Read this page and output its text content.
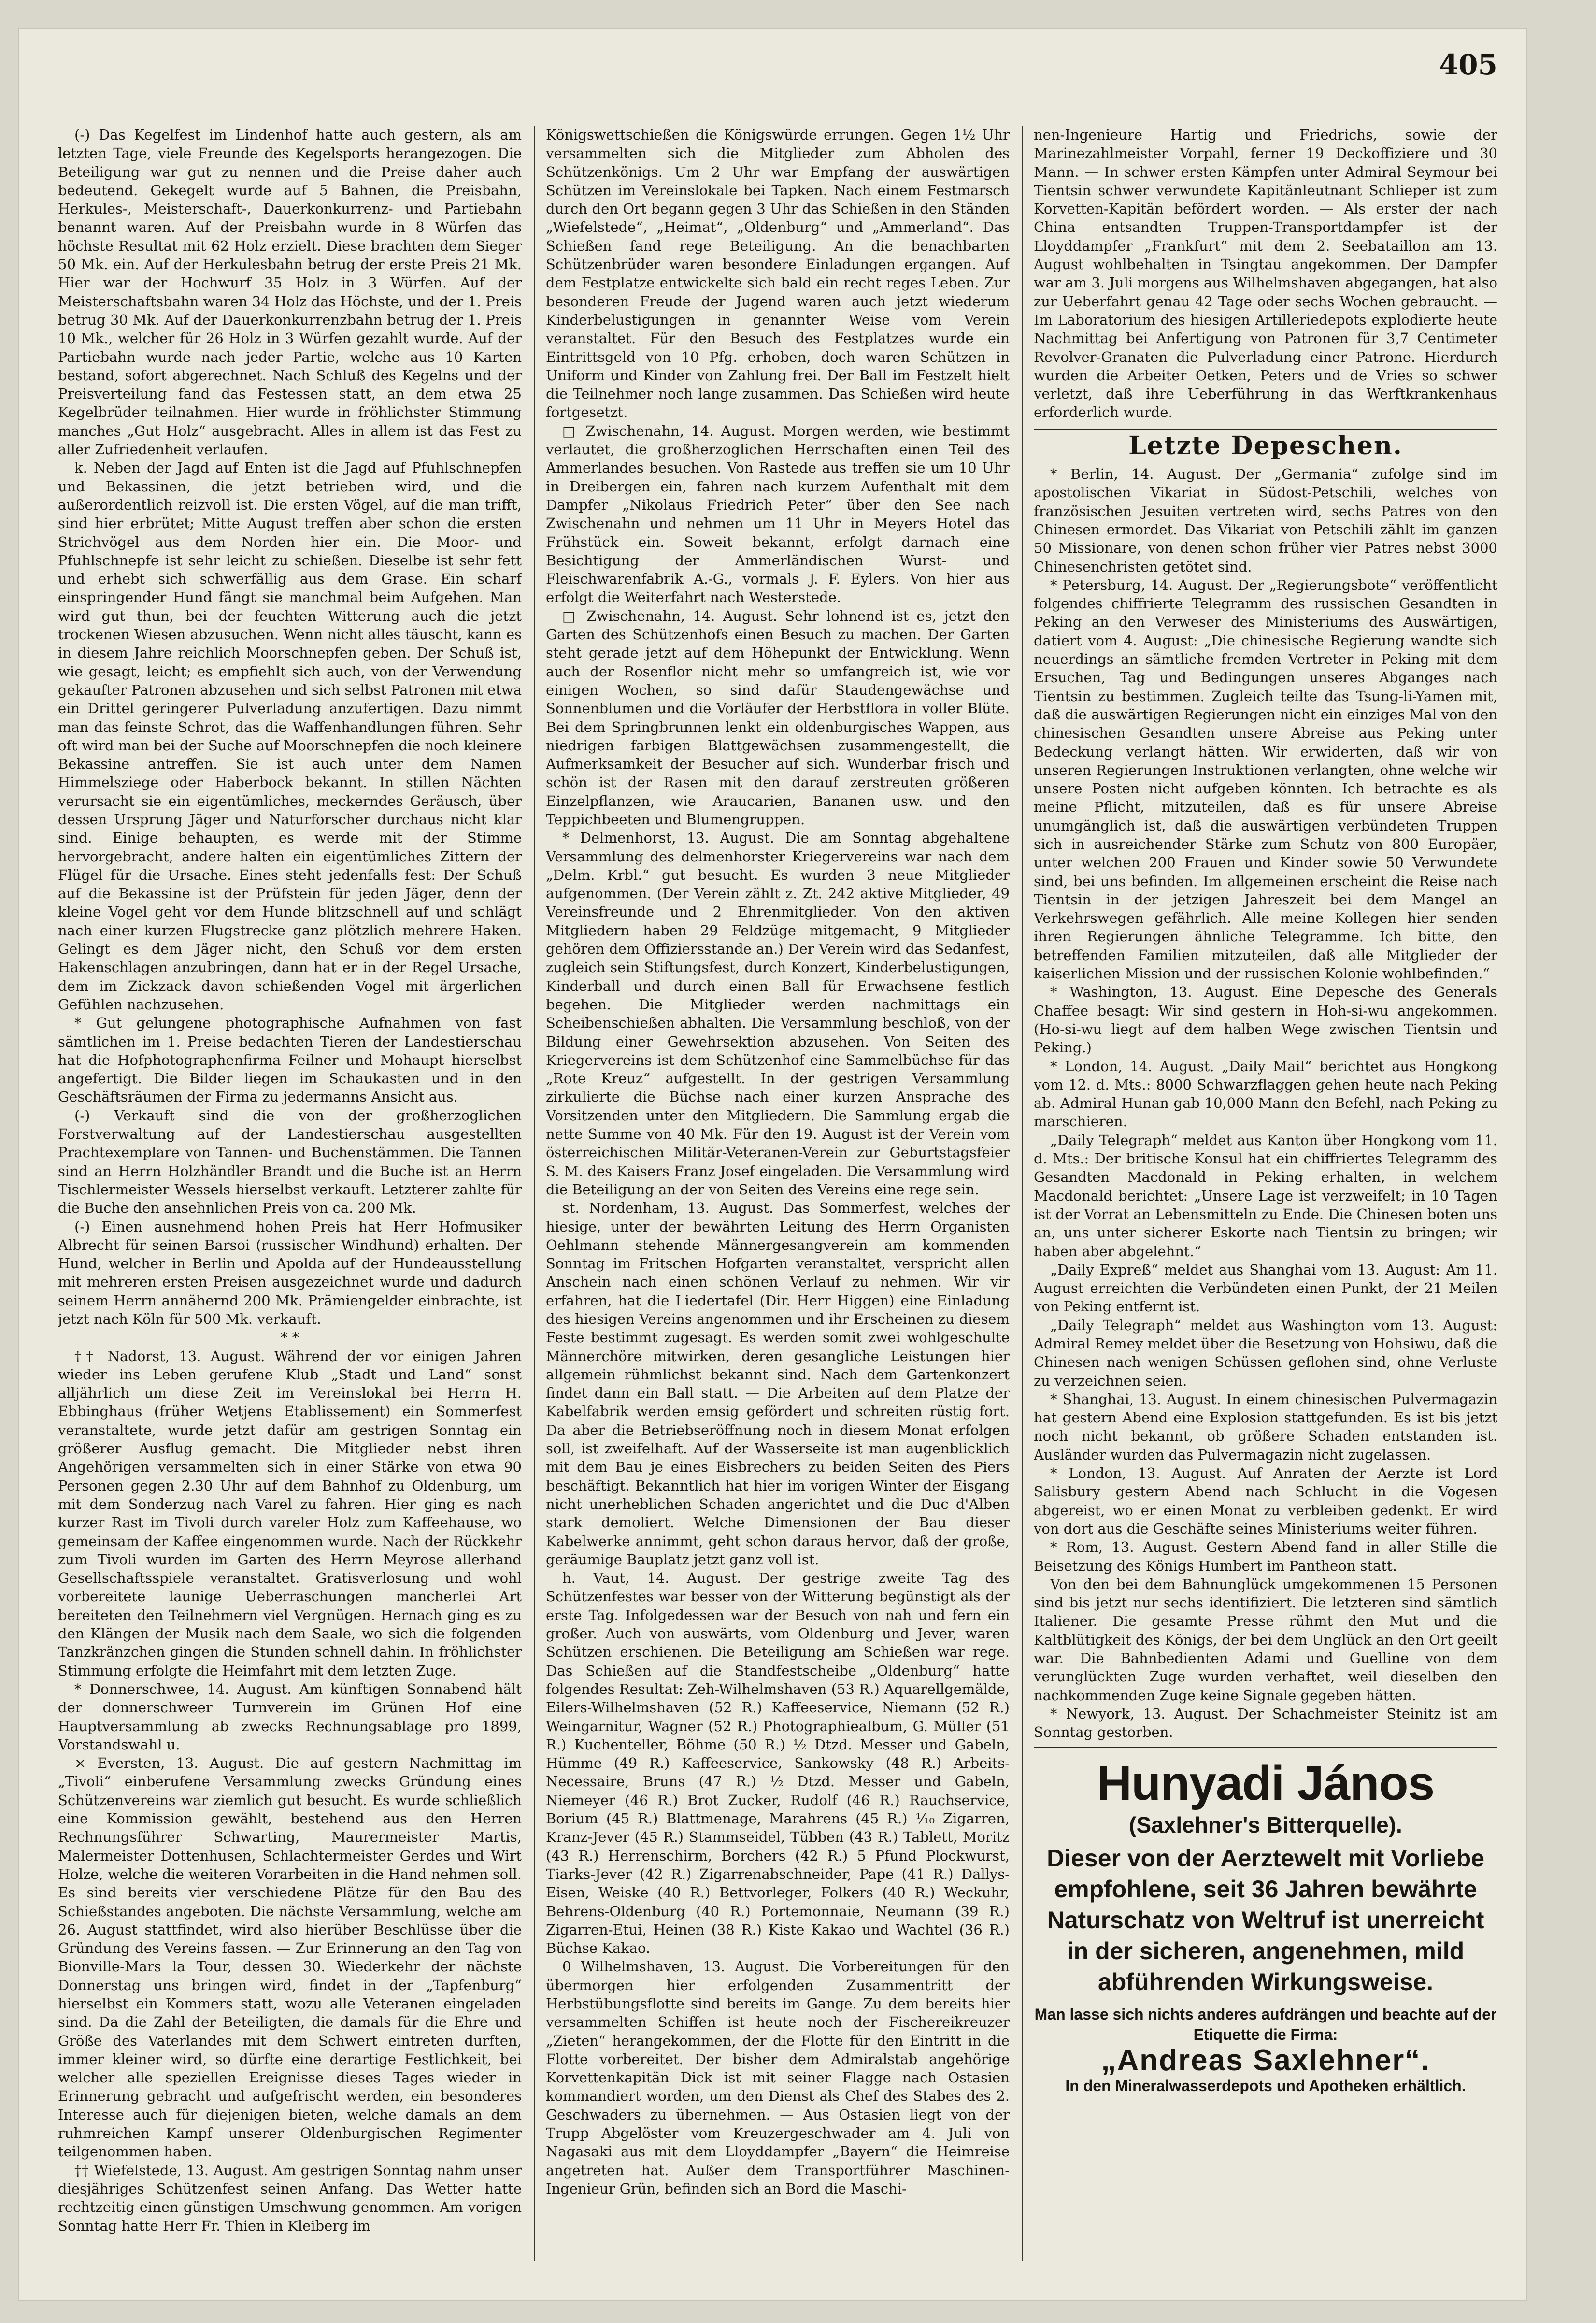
405

(-) Das Kegelfest im Lindenhof hatte auch gestern, als am letzten Tage, viele Freunde des Kegelsports herangezogen. Die Beteiligung war gut zu nennen und die Preise daher auch bedeutend. Gekegelt wurde auf 5 Bahnen, die Preisbahn, Herkules-, Meisterschaft-, Dauerkonkurrenz- und Partiebahn benannt waren. Auf der Preisbahn wurde in 8 Würfen das höchste Resultat mit 62 Holz erzielt. Diese brachten dem Sieger 50 Mk. ein. Auf der Herkulesbahn betrug der erste Preis 21 Mk. Hier war der Hochwurf 35 Holz in 3 Würfen. Auf der Meisterschaftsbahn waren 34 Holz das Höchste, und der 1. Preis betrug 30 Mk. Auf der Dauerkonkurrenzbahn betrug der 1. Preis 10 Mk., welcher für 26 Holz in 3 Würfen gezahlt wurde. Auf der Partiebahn wurde nach jeder Partie, welche aus 10 Karten bestand, sofort abgerechnet. Nach Schluß des Kegelns und der Preisverteilung fand das Festessen statt, an dem etwa 25 Kegelbrüder teilnahmen. Hier wurde in fröhlichster Stimmung manches „Gut Holz“ ausgebracht. Alles in allem ist das Fest zu aller Zufriedenheit verlaufen.

k. Neben der Jagd auf Enten ist die Jagd auf Pfuhlschnepfen und Bekassinen, die jetzt betrieben wird, und die außerordentlich reizvoll ist. Die ersten Vögel, auf die man trifft, sind hier erbrütet; Mitte August treffen aber schon die ersten Strichvögel aus dem Norden hier ein. Die Moor- und Pfuhlschnepfe ist sehr leicht zu schießen. Dieselbe ist sehr fett und erhebt sich schwerfällig aus dem Grase. Ein scharf einspringender Hund fängt sie manchmal beim Aufgehen. Man wird gut thun, bei der feuchten Witterung auch die jetzt trockenen Wiesen abzusuchen. Wenn nicht alles täuscht, kann es in diesem Jahre reichlich Moorschnepfen geben. Der Schuß ist, wie gesagt, leicht; es empfiehlt sich auch, von der Verwendung gekaufter Patronen abzusehen und sich selbst Patronen mit etwa ein Drittel geringerer Pulverladung anzufertigen. Dazu nimmt man das feinste Schrot, das die Waffenhandlungen führen. Sehr oft wird man bei der Suche auf Moorschnepfen die noch kleinere Bekassine antreffen. Sie ist auch unter dem Namen Himmelsziege oder Haberbock bekannt. In stillen Nächten verursacht sie ein eigentümliches, meckerndes Geräusch, über dessen Ursprung Jäger und Naturforscher durchaus nicht klar sind. Einige behaupten, es werde mit der Stimme hervorgebracht, andere halten ein eigentümliches Zittern der Flügel für die Ursache. Eines steht jedenfalls fest: Der Schuß auf die Bekassine ist der Prüfstein für jeden Jäger, denn der kleine Vogel geht vor dem Hunde blitzschnell auf und schlägt nach einer kurzen Flugstrecke ganz plötzlich mehrere Haken. Gelingt es dem Jäger nicht, den Schuß vor dem ersten Hakenschlagen anzubringen, dann hat er in der Regel Ursache, dem im Zickzack davon schießenden Vogel mit ärgerlichen Gefühlen nachzusehen.

* Gut gelungene photographische Aufnahmen von fast sämtlichen im 1. Preise bedachten Tieren der Landestierschau hat die Hofphotographenfirma Feilner und Mohaupt hierselbst angefertigt. Die Bilder liegen im Schaukasten und in den Geschäftsräumen der Firma zu jedermanns Ansicht aus.

(-) Verkauft sind die von der großherzoglichen Forstverwaltung auf der Landestierschau ausgestellten Prachtexemplare von Tannen- und Buchenstämmen. Die Tannen sind an Herrn Holzhändler Brandt und die Buche ist an Herrn Tischlermeister Wessels hierselbst verkauft. Letzterer zahlte für die Buche den ansehnlichen Preis von ca. 200 Mk.

(-) Einen ausnehmend hohen Preis hat Herr Hofmusiker Albrecht für seinen Barsoi (russischer Windhund) erhalten. Der Hund, welcher in Berlin und Apolda auf der Hundeausstellung mit mehreren ersten Preisen ausgezeichnet wurde und dadurch seinem Herrn annähernd 200 Mk. Prämiengelder einbrachte, ist jetzt nach Köln für 500 Mk. verkauft.

* *

†† Nadorst, 13. August. Während der vor einigen Jahren wieder ins Leben gerufene Klub „Stadt und Land“ sonst alljährlich um diese Zeit im Vereinslokal bei Herrn H. Ebbinghaus (früher Wetjens Etablissement) ein Sommerfest veranstaltete, wurde jetzt dafür am gestrigen Sonntag ein größerer Ausflug gemacht. Die Mitglieder nebst ihren Angehörigen versammelten sich in einer Stärke von etwa 90 Personen gegen 2.30 Uhr auf dem Bahnhof zu Oldenburg, um mit dem Sonderzug nach Varel zu fahren. Hier ging es nach kurzer Rast im Tivoli durch vareler Holz zum Kaffeehause, wo gemeinsam der Kaffee eingenommen wurde. Nach der Rückkehr zum Tivoli wurden im Garten des Herrn Meyrose allerhand Gesellschaftsspiele veranstaltet. Gratisverlosung und wohl vorbereitete launige Ueberraschungen mancherlei Art bereiteten den Teilnehmern viel Vergnügen. Hernach ging es zu den Klängen der Musik nach dem Saale, wo sich die folgenden Tanzkränzchen gingen die Stunden schnell dahin. In fröhlichster Stimmung erfolgte die Heimfahrt mit dem letzten Zuge.

* Donnerschwee, 14. August. Am künftigen Sonnabend hält der donnerschweer Turnverein im Grünen Hof eine Hauptversammlung ab zwecks Rechnungsablage pro 1899, Vorstandswahl u.

× Eversten, 13. August. Die auf gestern Nachmittag im „Tivoli“ einberufene Versammlung zwecks Gründung eines Schützenvereins war ziemlich gut besucht. Es wurde schließlich eine Kommission gewählt, bestehend aus den Herren Rechnungsführer Schwarting, Maurermeister Martis, Malermeister Dottenhusen, Schlachtermeister Gerdes und Wirt Holze, welche die weiteren Vorarbeiten in die Hand nehmen soll. Es sind bereits vier verschiedene Plätze für den Bau des Schießstandes angeboten. Die nächste Versammlung, welche am 26. August stattfindet, wird also hierüber Beschlüsse über die Gründung des Vereins fassen. — Zur Erinnerung an den Tag von Bionville-Mars la Tour, dessen 30. Wiederkehr der nächste Donnerstag uns bringen wird, findet in der „Tapfenburg“ hierselbst ein Kommers statt, wozu alle Veteranen eingeladen sind. Da die Zahl der Beteiligten, die damals für die Ehre und Größe des Vaterlandes mit dem Schwert eintreten durften, immer kleiner wird, so dürfte eine derartige Festlichkeit, bei welcher alle speziellen Ereignisse dieses Tages wieder in Erinnerung gebracht und aufgefrischt werden, ein besonderes Interesse auch für diejenigen bieten, welche damals an dem ruhmreichen Kampf unserer Oldenburgischen Regimenter teilgenommen haben.

†† Wiefelstede, 13. August. Am gestrigen Sonntag nahm unser diesjähriges Schützenfest seinen Anfang. Das Wetter hatte rechtzeitig einen günstigen Umschwung genommen. Am vorigen Sonntag hatte Herr Fr. Thien in Kleiberg im

Königswettschießen die Königswürde errungen. Gegen 1½ Uhr versammelten sich die Mitglieder zum Abholen des Schützenkönigs. Um 2 Uhr war Empfang der auswärtigen Schützen im Vereinslokale bei Tapken. Nach einem Festmarsch durch den Ort begann gegen 3 Uhr das Schießen in den Ständen „Wiefelstede“, „Heimat“, „Oldenburg“ und „Ammerland“. Das Schießen fand rege Beteiligung. An die benachbarten Schützenbrüder waren besondere Einladungen ergangen. Auf dem Festplatze entwickelte sich bald ein recht reges Leben. Zur besonderen Freude der Jugend waren auch jetzt wiederum Kinderbelustigungen in genannter Weise vom Verein veranstaltet. Für den Besuch des Festplatzes wurde ein Eintrittsgeld von 10 Pfg. erhoben, doch waren Schützen in Uniform und Kinder von Zahlung frei. Der Ball im Festzelt hielt die Teilnehmer noch lange zusammen. Das Schießen wird heute fortgesetzt.

□ Zwischenahn, 14. August. Morgen werden, wie bestimmt verlautet, die großherzoglichen Herrschaften einen Teil des Ammerlandes besuchen. Von Rastede aus treffen sie um 10 Uhr in Dreibergen ein, fahren nach kurzem Aufenthalt mit dem Dampfer „Nikolaus Friedrich Peter“ über den See nach Zwischenahn und nehmen um 11 Uhr in Meyers Hotel das Frühstück ein. Soweit bekannt, erfolgt darnach eine Besichtigung der Ammerländischen Wurst- und Fleischwarenfabrik A.-G., vormals J. F. Eylers. Von hier aus erfolgt die Weiterfahrt nach Westerstede.

□ Zwischenahn, 14. August. Sehr lohnend ist es, jetzt den Garten des Schützenhofs einen Besuch zu machen. Der Garten steht gerade jetzt auf dem Höhepunkt der Entwicklung. Wenn auch der Rosenflor nicht mehr so umfangreich ist, wie vor einigen Wochen, so sind dafür Staudengewächse und Sonnenblumen und die Vorläufer der Herbstflora in voller Blüte. Bei dem Springbrunnen lenkt ein oldenburgisches Wappen, aus niedrigen farbigen Blattgewächsen zusammengestellt, die Aufmerksamkeit der Besucher auf sich. Wunderbar frisch und schön ist der Rasen mit den darauf zerstreuten größeren Einzelpflanzen, wie Araucarien, Bananen usw. und den Teppichbeeten und Blumengruppen.

* Delmenhorst, 13. August. Die am Sonntag abgehaltene Versammlung des delmenhorster Kriegervereins war nach dem „Delm. Krbl.“ gut besucht. Es wurden 3 neue Mitglieder aufgenommen. (Der Verein zählt z. Zt. 242 aktive Mitglieder, 49 Vereinsfreunde und 2 Ehrenmitglieder. Von den aktiven Mitgliedern haben 29 Feldzüge mitgemacht, 9 Mitglieder gehören dem Offiziersstande an.) Der Verein wird das Sedanfest, zugleich sein Stiftungsfest, durch Konzert, Kinderbelustigungen, Kinderball und durch einen Ball für Erwachsene festlich begehen. Die Mitglieder werden nachmittags ein Scheibenschießen abhalten. Die Versammlung beschloß, von der Bildung einer Gewehrsektion abzusehen. Von Seiten des Kriegervereins ist dem Schützenhof eine Sammelbüchse für das „Rote Kreuz“ aufgestellt. In der gestrigen Versammlung zirkulierte die Büchse nach einer kurzen Ansprache des Vorsitzenden unter den Mitgliedern. Die Sammlung ergab die nette Summe von 40 Mk. Für den 19. August ist der Verein vom österreichischen Militär-Veteranen-Verein zur Geburtstagsfeier S. M. des Kaisers Franz Josef eingeladen. Die Versammlung wird die Beteiligung an der von Seiten des Vereins eine rege sein.

st. Nordenham, 13. August. Das Sommerfest, welches der hiesige, unter der bewährten Leitung des Herrn Organisten Oehlmann stehende Männergesangverein am kommenden Sonntag im Fritschen Hofgarten veranstaltet, verspricht allen Anschein nach einen schönen Verlauf zu nehmen. Wir vir erfahren, hat die Liedertafel (Dir. Herr Higgen) eine Einladung des hiesigen Vereins angenommen und ihr Erscheinen zu diesem Feste bestimmt zugesagt. Es werden somit zwei wohlgeschulte Männerchöre mitwirken, deren gesangliche Leistungen hier allgemein rühmlichst bekannt sind. Nach dem Gartenkonzert findet dann ein Ball statt. — Die Arbeiten auf dem Platze der Kabelfabrik werden emsig gefördert und schreiten rüstig fort. Da aber die Betriebseröffnung noch in diesem Monat erfolgen soll, ist zweifelhaft. Auf der Wasserseite ist man augenblicklich mit dem Bau je eines Eisbrechers zu beiden Seiten des Piers beschäftigt. Bekanntlich hat hier im vorigen Winter der Eisgang nicht unerheblichen Schaden angerichtet und die Duc d'Alben stark demoliert. Welche Dimensionen der Bau dieser Kabelwerke annimmt, geht schon daraus hervor, daß der große, geräumige Bauplatz jetzt ganz voll ist.

h. Vaut, 14. August. Der gestrige zweite Tag des Schützenfestes war besser von der Witterung begünstigt als der erste Tag. Infolgedessen war der Besuch von nah und fern ein großer. Auch von auswärts, vom Oldenburg und Jever, waren Schützen erschienen. Die Beteiligung am Schießen war rege. Das Schießen auf die Standfestscheibe „Oldenburg“ hatte folgendes Resultat: Zeh-Wilhelmshaven (53 R.) Aquarellgemälde, Eilers-Wilhelmshaven (52 R.) Kaffeeservice, Niemann (52 R.) Weingarnitur, Wagner (52 R.) Photographiealbum, G. Müller (51 R.) Kuchenteller, Böhme (50 R.) ½ Dtzd. Messer und Gabeln, Hümme (49 R.) Kaffeeservice, Sankowsky (48 R.) Arbeits-Necessaire, Bruns (47 R.) ½ Dtzd. Messer und Gabeln, Niemeyer (46 R.) Brot Zucker, Rudolf (46 R.) Rauchservice, Borium (45 R.) Blattmenage, Marahrens (45 R.) ⅟₁₀ Zigarren, Kranz-Jever (45 R.) Stammseidel, Tübben (43 R.) Tablett, Moritz (43 R.) Herrenschirm, Borchers (42 R.) 5 Pfund Plockwurst, Tiarks-Jever (42 R.) Zigarrenabschneider, Pape (41 R.) Dallys-Eisen, Weiske (40 R.) Bettvorleger, Folkers (40 R.) Weckuhr, Behrens-Oldenburg (40 R.) Portemonnaie, Neumann (39 R.) Zigarren-Etui, Heinen (38 R.) Kiste Kakao und Wachtel (36 R.) Büchse Kakao.

0 Wilhelmshaven, 13. August. Die Vorbereitungen für den übermorgen hier erfolgenden Zusammentritt der Herbstübungsflotte sind bereits im Gange. Zu dem bereits hier versammelten Schiffen ist heute noch der Fischereikreuzer „Zieten“ herangekommen, der die Flotte für den Eintritt in die Flotte vorbereitet. Der bisher dem Admiralstab angehörige Korvettenkapitän Dick ist mit seiner Flagge nach Ostasien kommandiert worden, um den Dienst als Chef des Stabes des 2. Geschwaders zu übernehmen. — Aus Ostasien liegt von der Trupp Abgelöster vom Kreuzergeschwader am 4. Juli von Nagasaki aus mit dem Lloyddampfer „Bayern“ die Heimreise angetreten hat. Außer dem Transportführer Maschinen-Ingenieur Grün, befinden sich an Bord die Maschi-

nen-Ingenieure Hartig und Friedrichs, sowie der Marinezahlmeister Vorpahl, ferner 19 Deckoffiziere und 30 Mann. — In schwer ersten Kämpfen unter Admiral Seymour bei Tientsin schwer verwundete Kapitänleutnant Schlieper ist zum Korvetten-Kapitän befördert worden. — Als erster der nach China entsandten Truppen-Transportdampfer ist der Lloyddampfer „Frankfurt“ mit dem 2. Seebataillon am 13. August wohlbehalten in Tsingtau angekommen. Der Dampfer war am 3. Juli morgens aus Wilhelmshaven abgegangen, hat also zur Ueberfahrt genau 42 Tage oder sechs Wochen gebraucht. — Im Laboratorium des hiesigen Artilleriedepots explodierte heute Nachmittag bei Anfertigung von Patronen für 3,7 Centimeter Revolver-Granaten die Pulverladung einer Patrone. Hierdurch wurden die Arbeiter Oetken, Peters und de Vries so schwer verletzt, daß ihre Ueberführung in das Werftkrankenhaus erforderlich wurde.

Letzte Depeschen.

* Berlin, 14. August. Der „Germania“ zufolge sind im apostolischen Vikariat in Südost-Petschili, welches von französischen Jesuiten vertreten wird, sechs Patres von den Chinesen ermordet. Das Vikariat von Petschili zählt im ganzen 50 Missionare, von denen schon früher vier Patres nebst 3000 Chinesenchristen getötet sind.

* Petersburg, 14. August. Der „Regierungsbote“ veröffentlicht folgendes chiffrierte Telegramm des russischen Gesandten in Peking an den Verweser des Ministeriums des Auswärtigen, datiert vom 4. August: „Die chinesische Regierung wandte sich neuerdings an sämtliche fremden Vertreter in Peking mit dem Ersuchen, Tag und Bedingungen unseres Abganges nach Tientsin zu bestimmen. Zugleich teilte das Tsung-li-Yamen mit, daß die auswärtigen Regierungen nicht ein einziges Mal von den chinesischen Gesandten unsere Abreise aus Peking unter Bedeckung verlangt hätten. Wir erwiderten, daß wir von unseren Regierungen Instruktionen verlangten, ohne welche wir unsere Posten nicht aufgeben könnten. Ich betrachte es als meine Pflicht, mitzuteilen, daß es für unsere Abreise unumgänglich ist, daß die auswärtigen verbündeten Truppen sich in ausreichender Stärke zum Schutz von 800 Europäer, unter welchen 200 Frauen und Kinder sowie 50 Verwundete sind, bei uns befinden. Im allgemeinen erscheint die Reise nach Tientsin in der jetzigen Jahreszeit bei dem Mangel an Verkehrswegen gefährlich. Alle meine Kollegen hier senden ihren Regierungen ähnliche Telegramme. Ich bitte, den betreffenden Familien mitzuteilen, daß alle Mitglieder der kaiserlichen Mission und der russischen Kolonie wohlbefinden.“

* Washington, 13. August. Eine Depesche des Generals Chaffee besagt: Wir sind gestern in Hoh-si-wu angekommen. (Ho-si-wu liegt auf dem halben Wege zwischen Tientsin und Peking.)

* London, 14. August. „Daily Mail“ berichtet aus Hongkong vom 12. d. Mts.: 8000 Schwarzflaggen gehen heute nach Peking ab. Admiral Hunan gab 10,000 Mann den Befehl, nach Peking zu marschieren.

„Daily Telegraph“ meldet aus Kanton über Hongkong vom 11. d. Mts.: Der britische Konsul hat ein chiffriertes Telegramm des Gesandten Macdonald in Peking erhalten, in welchem Macdonald berichtet: „Unsere Lage ist verzweifelt; in 10 Tagen ist der Vorrat an Lebensmitteln zu Ende. Die Chinesen boten uns an, uns unter sicherer Eskorte nach Tientsin zu bringen; wir haben aber abgelehnt.“

„Daily Expreß“ meldet aus Shanghai vom 13. August: Am 11. August erreichten die Verbündeten einen Punkt, der 21 Meilen von Peking entfernt ist.

„Daily Telegraph“ meldet aus Washington vom 13. August: Admiral Remey meldet über die Besetzung von Hohsiwu, daß die Chinesen nach wenigen Schüssen geflohen sind, ohne Verluste zu verzeichnen seien.

* Shanghai, 13. August. In einem chinesischen Pulvermagazin hat gestern Abend eine Explosion stattgefunden. Es ist bis jetzt noch nicht bekannt, ob größere Schaden entstanden ist. Ausländer wurden das Pulvermagazin nicht zugelassen.

* London, 13. August. Auf Anraten der Aerzte ist Lord Salisbury gestern Abend nach Schlucht in die Vogesen abgereist, wo er einen Monat zu verbleiben gedenkt. Er wird von dort aus die Geschäfte seines Ministeriums weiter führen.

* Rom, 13. August. Gestern Abend fand in aller Stille die Beisetzung des Königs Humbert im Pantheon statt.

Von den bei dem Bahnunglück umgekommenen 15 Personen sind bis jetzt nur sechs identifiziert. Die letzteren sind sämtlich Italiener. Die gesamte Presse rühmt den Mut und die Kaltblütigkeit des Königs, der bei dem Unglück an den Ort geeilt war. Die Bahnbedienten Adami und Guelline von dem verunglückten Zuge wurden verhaftet, weil dieselben den nachkommenden Zuge keine Signale gegeben hätten.

* Newyork, 13. August. Der Schachmeister Steinitz ist am Sonntag gestorben.

Hunyadi János
(Saxlehner's Bitterquelle).
Dieser von der Aerztewelt mit Vorliebe empfohlene, seit 36 Jahren bewährte Naturschatz von Weltruf ist unerreicht in der sicheren, angenehmen, mild abführenden Wirkungsweise.
Man lasse sich nichts anderes aufdrängen und beachte auf der Etiquette die Firma:
„Andreas Saxlehner“.
In den Mineralwasserdepots und Apotheken erhältlich.
